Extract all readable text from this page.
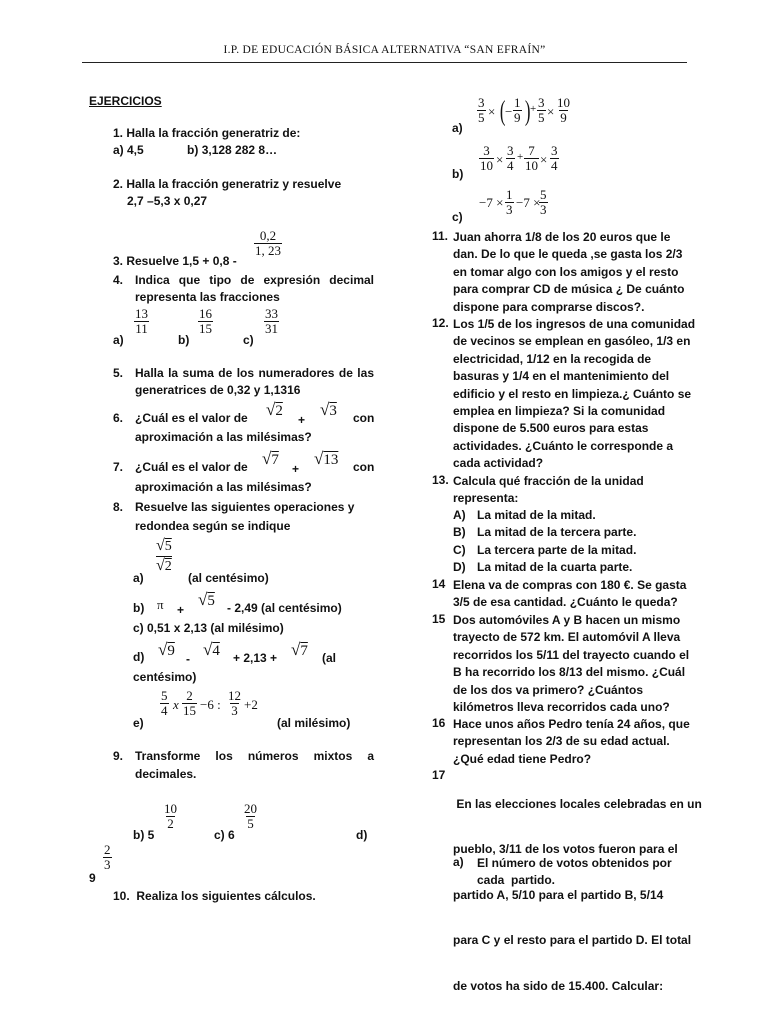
I.P. DE EDUCACIÓN BÁSICA ALTERNATIVA “SAN EFRAÍN”
EJERCICIOS
1. Halla la fracción generatriz de:
a) 4,5             b) 3,128 282 8…
2. Halla la fracción generatriz y resuelve
2,7 –5,3 x 0,27
3. Resuelve 1,5 + 0,8 -
$\frac{0,2}{1, 23}$
4. Indica que tipo de expresión decimal
representa las fracciones
a)
$\frac{13}{11}$
b)
$\frac{16}{15}$
c)
$\frac{33}{31}$
5. Halla la suma de los numeradores de las
generatrices de 0,32 y 1,1316
6. ¿Cuál es el valor de √2
+
√3 con
aproximación a las milésimas?
7. ¿Cuál es el valor de √7
+
√13 con
aproximación a las milésimas?
8. Resuelve las siguientes operaciones y
redondea según se indique
a)
√5
√2
(al centésimo)
b) π +
√5 - 2,49 (al centésimo)
c) 0,51 x 2,13 (al milésimo)
d) √9 - √4 + 2,13 + √7 (al
centésimo)
e)
$\frac{5}{4}$ x $\frac{2}{15} -6$ : $\frac{12}{3} +2$
(al milésimo)
9. Transforme los números mixtos a
decimales.
b) 5
$\frac{10}{2}$
c) 6
$\frac{20}{5}$
d)
9
$\frac{2}{3}$
10.  Realiza los siguientes cálculos.
a)
$\frac{3}{5}$ × ( − $\frac{1}{9}$ ) + $\frac{3}{5} \times \frac{10}{9}$
b)
$\frac{3}{10} \times \frac{3}{4} + \frac{7}{10} \times \frac{3}{4}$
c)
$-7 \times \frac{1}{3} -7$ ×
$\frac{5}{3}$
11. Juan ahorra 1/8 de los 20 euros que le
dan. De lo que le queda ,se gasta los 2/3
en tomar algo con los amigos y el resto
para comprar CD de música ¿ De cuánto
dispone para comprarse discos?.
12. Los 1/5 de los ingresos de una comunidad
de vecinos se emplean en gasóleo, 1/3 en
electricidad, 1/12 en la recogida de
basuras y 1/4 en el mantenimiento del
edificio y el resto en limpieza.¿ Cuánto se
emplea en limpieza? Si la comunidad
dispone de 5.500 euros para estas
actividades. ¿Cuánto le corresponde a
cada actividad?
13. Calcula qué fracción de la unidad
representa:
A) La mitad de la mitad.
B) La mitad de la tercera parte.
C) La tercera parte de la mitad.
D) La mitad de la cuarta parte.
14 Elena va de compras con 180 €. Se gasta
3/5 de esa cantidad. ¿Cuánto le queda?
15 Dos automóviles A y B hacen un mismo
trayecto de 572 km. El automóvil A lleva
recorridos los 5/11 del trayecto cuando el
B ha recorrido los 8/13 del mismo. ¿Cuál
de los dos va primero? ¿Cuántos
kilómetros lleva recorridos cada uno?
16 Hace unos años Pedro tenía 24 años, que
representan los 2/3 de su edad actual.
¿Qué edad tiene Pedro?
17

En las elecciones locales celebradas en un

pueblo, 3/11 de los votos fueron para el

partido A, 5/10 para el partido B, 5/14

para C y el resto para el partido D. El total

de votos ha sido de 15.400. Calcular:

a) El número de votos obtenidos por
cada  partido.
